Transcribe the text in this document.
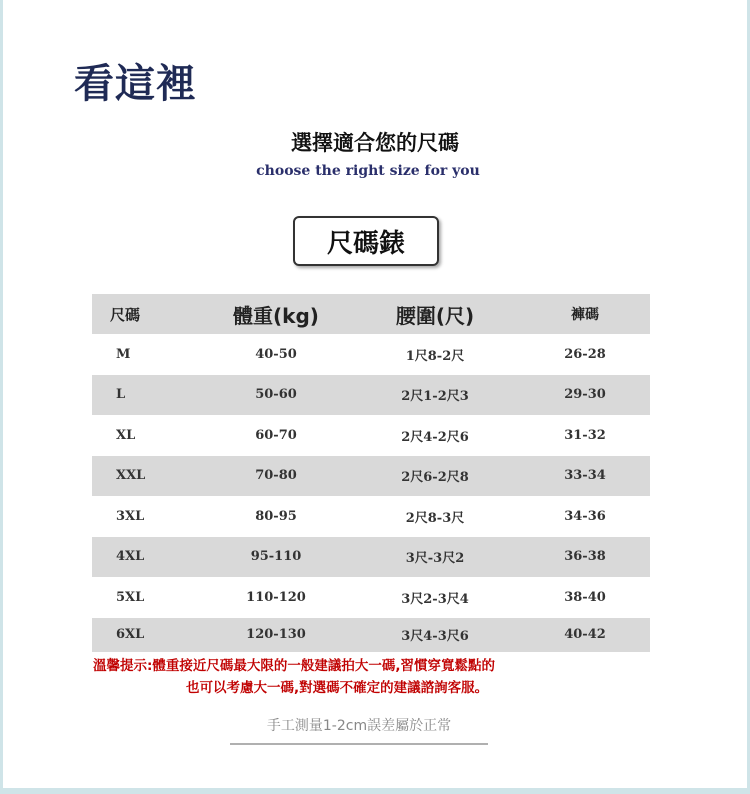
看這裡
選擇適合您的尺碼
choose the right size for you
尺碼錶
尺碼	體重(kg)	腰圍(尺)	褲碼
M	40-50	1尺8-2尺	26-28
L	50-60	2尺1-2尺3	29-30
XL	60-70	2尺4-2尺6	31-32
XXL	70-80	2尺6-2尺8	33-34
3XL	80-95	2尺8-3尺	34-36
4XL	95-110	3尺-3尺2	36-38
5XL	110-120	3尺2-3尺4	38-40
6XL	120-130	3尺4-3尺6	40-42
溫馨提示:體重接近尺碼最大限的一般建議拍大一碼,習慣穿寬鬆點的
也可以考慮大一碼,對選碼不確定的建議諮詢客服。
手工測量1-2cm誤差屬於正常
